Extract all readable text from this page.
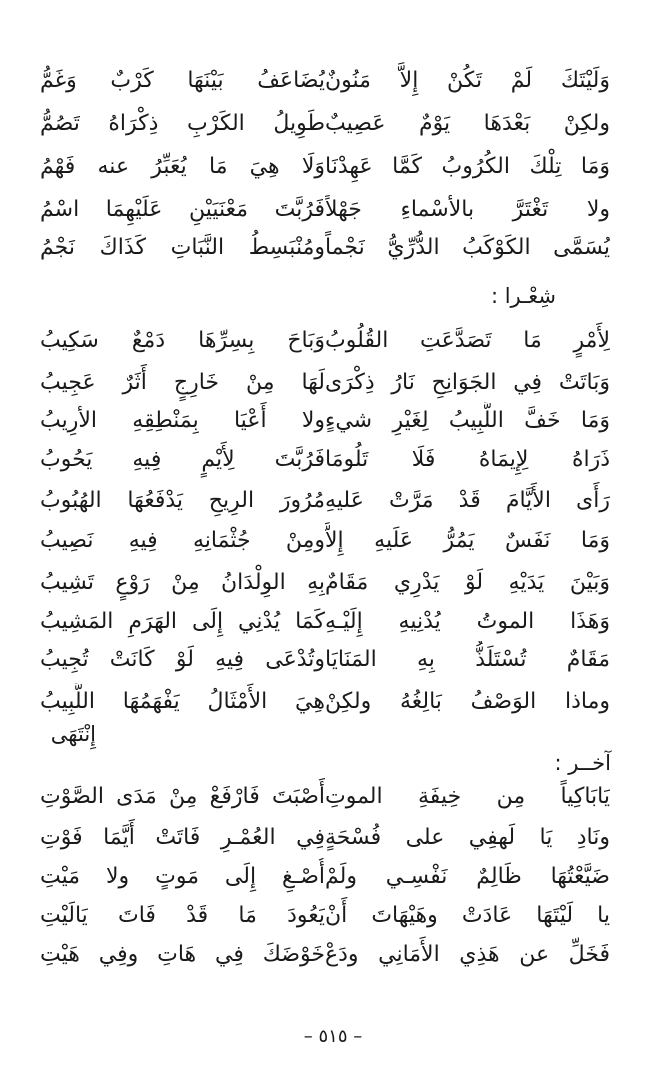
وَلَيْتَكَ لَمْ تَكُنْ إِلاَّ مَنُونٌ
يُضَاعَفُ بَيْنَهَا كَرْبٌ وَغَمُّ
ولكِنْ بَعْدَهَا يَوْمٌ عَصِيبٌ
طَوِيلُ الكَرْبِ ذِكْرَاهُ تَصُمُّ
وَمَا تِلْكَ الكُرُوبُ كَمَّا عَهِدْنَا
وَلَا هِيَ مَا يُعَبِّرُ عنه فَهْمُ
ولا تَغْتَرَّ بالأسْماءِ جَهْلاً
فَرُبَّتَ مَعْنَيَيْنِ عَلَيْهِمَا اسْمُ
يُسَمَّى الكَوْكَبُ الدُّرِّيُّ نَجْماً
ومُنْبَسِطُ النَّبَاتِ كَذَاكَ نَجْمُ
شِعْـرا :
لِأَمْرٍ مَا تَصَدَّعَتِ القُلُوبُ
وَبَاحَ بِسِرِّهَا دَمْعٌ سَكِيبُ
وَبَاتَتْ فِي الجَوَانِحِ نَارُ ذِكْرَى
لَهَا مِنْ خَارِجٍ أَثَرٌ عَجِيبُ
وَمَا خَفَّ اللَّبِيبُ لِغَيْرِ شيءٍ
ولا أَعْيَا بِمَنْطِقِهِ الأرِيبُ
ذَرَاهُ لِإِيمَاهُ فَلَا تَلُومَا
فَرُبَّتَ لِأَيْمٍ فِيهِ يَحُوبُ
رَأَى الأَيَّامَ قَدْ مَرَّتْ عَليهِ
مُرُورَ الرِيحِ يَدْفَعُهَا الهُبُوبُ
وَمَا نَفَسٌ يَمُرُّ عَلَيهِ إِلاَّ
ومِنْ جُثْمَانِهِ فِيهِ نَصِيبُ
وَبَيْنَ يَدَيْهِ لَوْ يَدْرِي مَقَامٌ
بِهِ الوِلْدَانُ مِنْ رَوْعٍ تَشِيبُ
وَهَذَا الموتُ يُدْنِيهِ إِلَيْـهِ
كَمَا يُدْنِي إِلَى الهَرَمِ المَشِيبُ
مَقَامٌ تُسْتَلَذُّ بِهِ المَنَايَا
وتُدْعَى فِيهِ لَوْ كَانَتْ تُجِيبُ
وماذا الوَصْفُ بَالِغُهُ ولكِنْ
هِيَ الأَمْثَالُ يَفْهَمُهَا اللَّبِيبُ
إِنْتَهَى
آخــر :
يَابَاكِياً مِن خِيفَةِ الموتِ
أَصْبَتَ فَارْفَعْ مِنْ مَدَى الصَّوْتِ
ونَادِ يَا لَهفِي على فُسْحَةٍ
فِي العُمْـرِ فَاتَتْ أَيَّمَا فَوْتِ
ضَيَّعْتُهَا ظَالِمٌ نَفْسِـي ولَمْ
أُصْـغِ إِلَى مَوتٍ ولا مَيْتِ
يا لَيْتَهَا عَادَتْ وهَيْهَاتَ أَنْ
يَعُودَ مَا قَدْ فَاتَ يَالَيْتِ
فَخَلِّ عن هَذِي الأَمَانِي ودَعْ
خَوْضَكَ فِي هَاتِ وفِي هَيْتِ
– ٥١٥ –
